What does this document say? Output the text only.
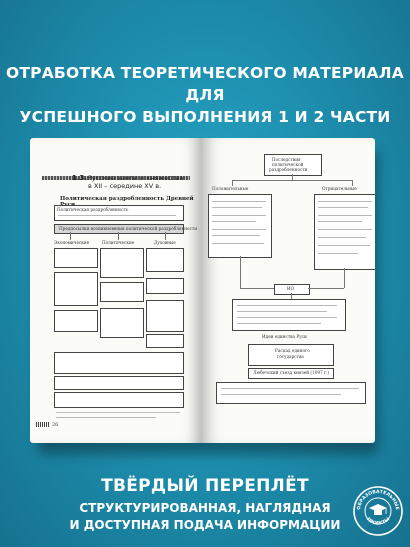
ОТРАБОТКА ТЕОРЕТИЧЕСКОГО МАТЕРИАЛА ДЛЯ
УСПЕШНОГО ВЫПОЛНЕНИЯ 1 И 2 ЧАСТИ
1.3. Русские земли и княжества
в XII – середине XV в.
Политическая раздробленность Древней
Политическая раздробленность
Предпосылки возникновения политической раздробленности
Экономические	Политические	Духовные
26
Последствия
политической
раздробленности
Положительные	Отрицательные
ИО
Идеи единства Руси
Распад единого
государства
Любечский съезд князей (1097 г.)
ТВЁРДЫЙ ПЕРЕПЛЁТ
СТРУКТУРИРОВАННАЯ, НАГЛЯДНАЯ
И ДОСТУПНАЯ ПОДАЧА ИНФОРМАЦИИ
ОБРАЗОВАТЕЛЬНЫЕ
ПРОЕКТЫ
